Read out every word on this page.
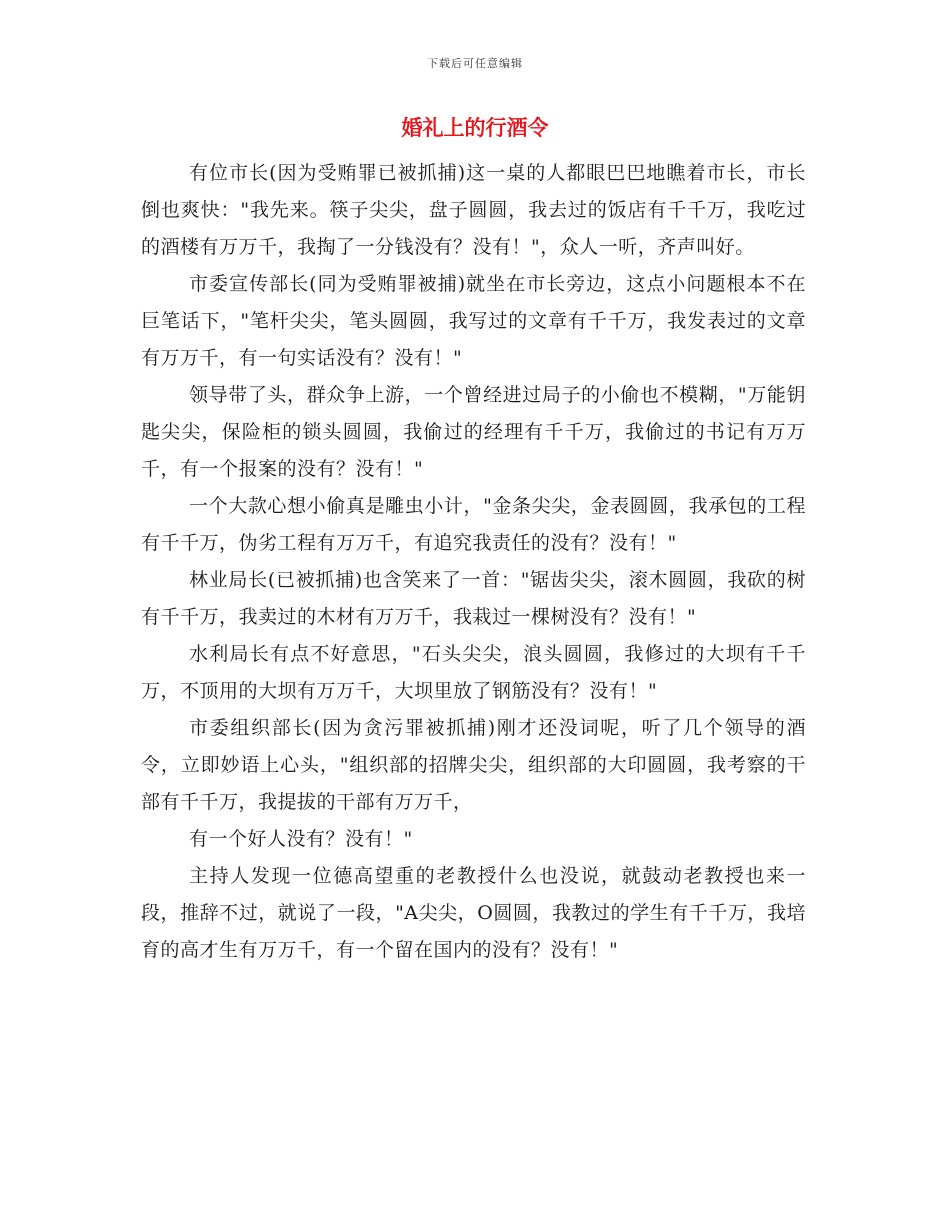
下载后可任意编辑
婚礼上的行酒令

有位市长(因为受贿罪已被抓捕)这一桌的人都眼巴巴地瞧着市长，市长倒也爽快："我先来。筷子尖尖，盘子圆圆，我去过的饭店有千千万，我吃过的酒楼有万万千，我掏了一分钱没有？没有！"，众人一听，齐声叫好。

市委宣传部长(同为受贿罪被捕)就坐在市长旁边，这点小问题根本不在巨笔话下，"笔杆尖尖，笔头圆圆，我写过的文章有千千万，我发表过的文章有万万千，有一句实话没有？没有！"

领导带了头，群众争上游，一个曾经进过局子的小偷也不模糊，"万能钥匙尖尖，保险柜的锁头圆圆，我偷过的经理有千千万，我偷过的书记有万万千，有一个报案的没有？没有！"

一个大款心想小偷真是雕虫小计，"金条尖尖，金表圆圆，我承包的工程有千千万，伪劣工程有万万千，有追究我责任的没有？没有！"

林业局长(已被抓捕)也含笑来了一首："锯齿尖尖，滚木圆圆，我砍的树有千千万，我卖过的木材有万万千，我栽过一棵树没有？没有！"

水利局长有点不好意思，"石头尖尖，浪头圆圆，我修过的大坝有千千万，不顶用的大坝有万万千，大坝里放了钢筋没有？没有！"

市委组织部长(因为贪污罪被抓捕)刚才还没词呢，听了几个领导的酒令，立即妙语上心头，"组织部的招牌尖尖，组织部的大印圆圆，我考察的干部有千千万，我提拔的干部有万万千，

有一个好人没有？没有！"

主持人发现一位德高望重的老教授什么也没说，就鼓动老教授也来一段，推辞不过，就说了一段，"A尖尖，O圆圆，我教过的学生有千千万，我培育的高才生有万万千，有一个留在国内的没有？没有！"
